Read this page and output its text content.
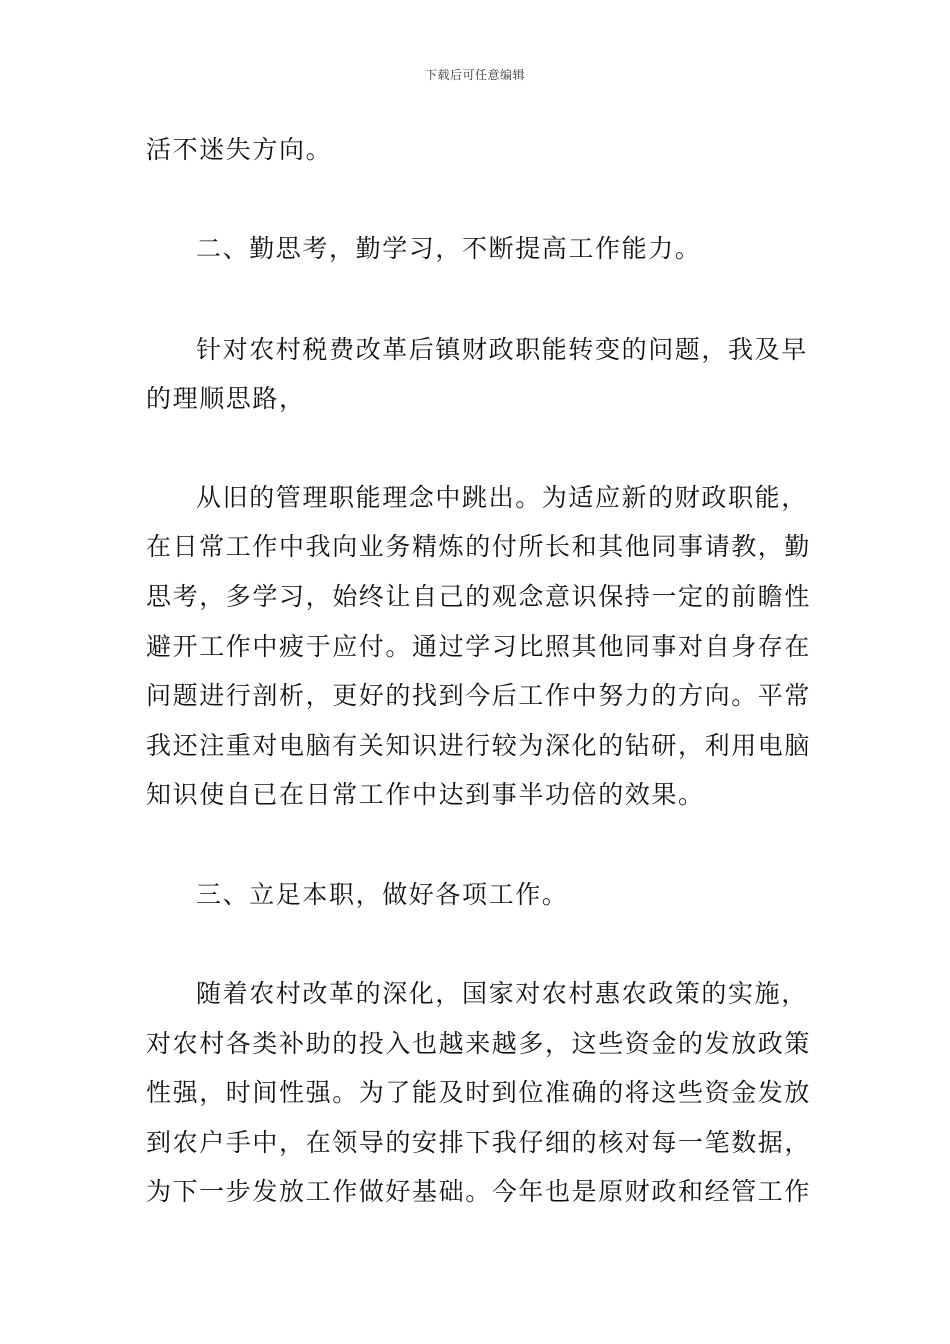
下载后可任意编辑
活不迷失方向。
二、勤思考，勤学习，不断提高工作能力。
针对农村税费改革后镇财政职能转变的问题，我及早
的理顺思路，
从旧的管理职能理念中跳出。为适应新的财政职能，
在日常工作中我向业务精炼的付所长和其他同事请教，勤
思考，多学习，始终让自己的观念意识保持一定的前瞻性
避开工作中疲于应付。通过学习比照其他同事对自身存在
问题进行剖析，更好的找到今后工作中努力的方向。平常
我还注重对电脑有关知识进行较为深化的钻研，利用电脑
知识使自已在日常工作中达到事半功倍的效果。
三、立足本职，做好各项工作。
随着农村改革的深化，国家对农村惠农政策的实施，
对农村各类补助的投入也越来越多，这些资金的发放政策
性强，时间性强。为了能及时到位准确的将这些资金发放
到农户手中，在领导的安排下我仔细的核对每一笔数据，
为下一步发放工作做好基础。今年也是原财政和经管工作
